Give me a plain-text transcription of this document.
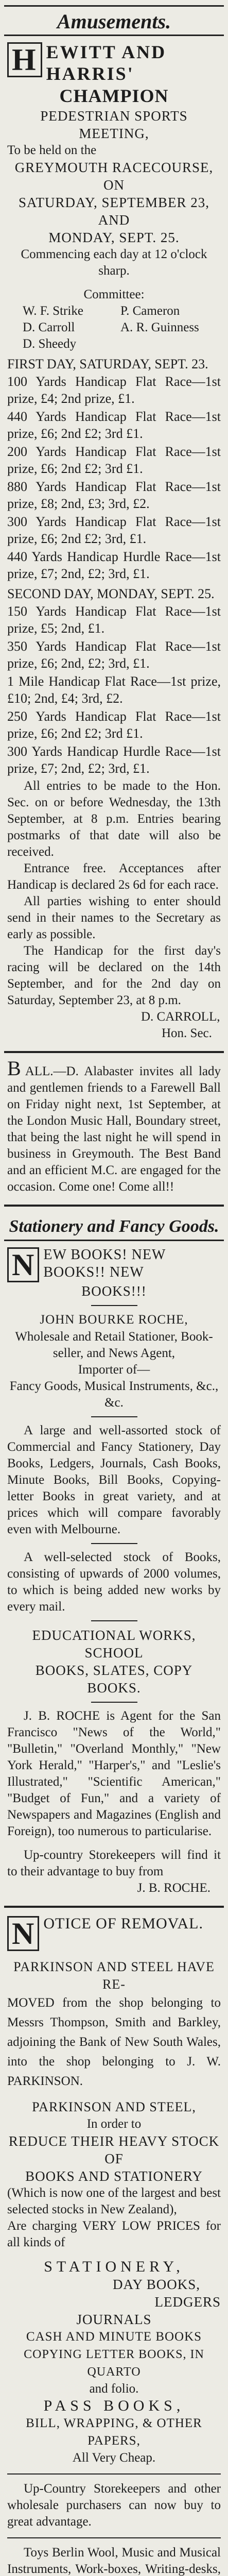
Amusements.
H EWITT AND HARRIS'

CHAMPION

PEDESTRIAN SPORTS MEETING,

To be held on the

GREYMOUTH RACECOURSE,

ON

SATURDAY, SEPTEMBER 23, AND

MONDAY, SEPT. 25.

Commencing each day at 12 o'clock sharp.

Committee:

W. F. Strike	P. Cameron
D. Carroll	A. R. Guinness
D. Sheedy

FIRST DAY, SATURDAY, SEPT. 23.

100 Yards Handicap Flat Race—1st prize, £4; 2nd prize, £1.

440 Yards Handicap Flat Race—1st prize, £6; 2nd £2; 3rd £1.

200 Yards Handicap Flat Race—1st prize, £6; 2nd £2; 3rd £1.

880 Yards Handicap Flat Race—1st prize, £8; 2nd, £3; 3rd, £2.

300 Yards Handicap Flat Race—1st prize, £6; 2nd £2; 3rd, £1.

440 Yards Handicap Hurdle Race—1st prize, £7; 2nd, £2; 3rd, £1.

SECOND DAY, MONDAY, SEPT. 25.

150 Yards Handicap Flat Race—1st prize, £5; 2nd, £1.

350 Yards Handicap Flat Race—1st prize, £6; 2nd, £2; 3rd, £1.

1 Mile Handicap Flat Race—1st prize, £10; 2nd, £4; 3rd, £2.

250 Yards Handicap Flat Race—1st prize, £6; 2nd £2; 3rd £1.

300 Yards Handicap Hurdle Race—1st prize, £7; 2nd, £2; 3rd, £1.

All entries to be made to the Hon. Sec. on or before Wednesday, the 13th September, at 8 p.m. Entries bearing postmarks of that date will also be received.

Entrance free. Acceptances after Handicap is declared 2s 6d for each race.

All parties wishing to enter should send in their names to the Secretary as early as possible.

The Handicap for the first day's racing will be declared on the 14th September, and for the 2nd day on Saturday, September 23, at 8 p.m.

D. CARROLL,

Hon. Sec.

BALL.—D. Alabaster invites all lady and gentlemen friends to a Farewell Ball on Friday night next, 1st September, at the London Music Hall, Boundary street, that being the last night he will spend in business in Greymouth. The Best Band and an efficient M.C. are engaged for the occasion. Come one! Come all!!

Stationery and Fancy Goods.
N EW BOOKS! NEW BOOKS!! NEW

BOOKS!!!

JOHN BOURKE ROCHE,

Wholesale and Retail Stationer, Book-

seller, and News Agent,

Importer of—

Fancy Goods, Musical Instruments, &c., &c.

A large and well-assorted stock of Commercial and Fancy Stationery, Day Books, Ledgers, Journals, Cash Books, Minute Books, Bill Books, Copying-letter Books in great variety, and at prices which will compare favorably even with Melbourne.

A well-selected stock of Books, consisting of upwards of 2000 volumes, to which is being added new works by every mail.

EDUCATIONAL WORKS, SCHOOL

BOOKS, SLATES, COPY BOOKS.

J. B. ROCHE is Agent for the San Francisco "News of the World," "Bulletin," "Overland Monthly," "New York Herald," "Harper's," and "Leslie's Illustrated," "Scientific American," "Budget of Fun," and a variety of Newspapers and Magazines (English and Foreign), too numerous to particularise.

Up-country Storekeepers will find it to their advantage to buy from

J. B. ROCHE.

N OTICE OF REMOVAL.

PARKINSON AND STEEL HAVE RE-

MOVED from the shop belonging to Messrs Thompson, Smith and Barkley, adjoining the Bank of New South Wales, into the shop belonging to J. W. PARKINSON.

PARKINSON AND STEEL,

In order to

REDUCE THEIR HEAVY STOCK

OF

BOOKS AND STATIONERY

(Which is now one of the largest and best selected stocks in New Zealand),

Are charging VERY LOW PRICES for all kinds of

STATIONERY,

DAY BOOKS,

LEDGERS

JOURNALS

CASH AND MINUTE BOOKS

COPYING LETTER BOOKS, IN QUARTO

and folio.

PASS BOOKS,

BILL, WRAPPING, & OTHER PAPERS,

All Very Cheap.

Up-Country Storekeepers and other wholesale purchasers can now buy to great advantage.

Toys Berlin Wool, Music and Musical Instruments, Work-boxes, Writing-desks,
